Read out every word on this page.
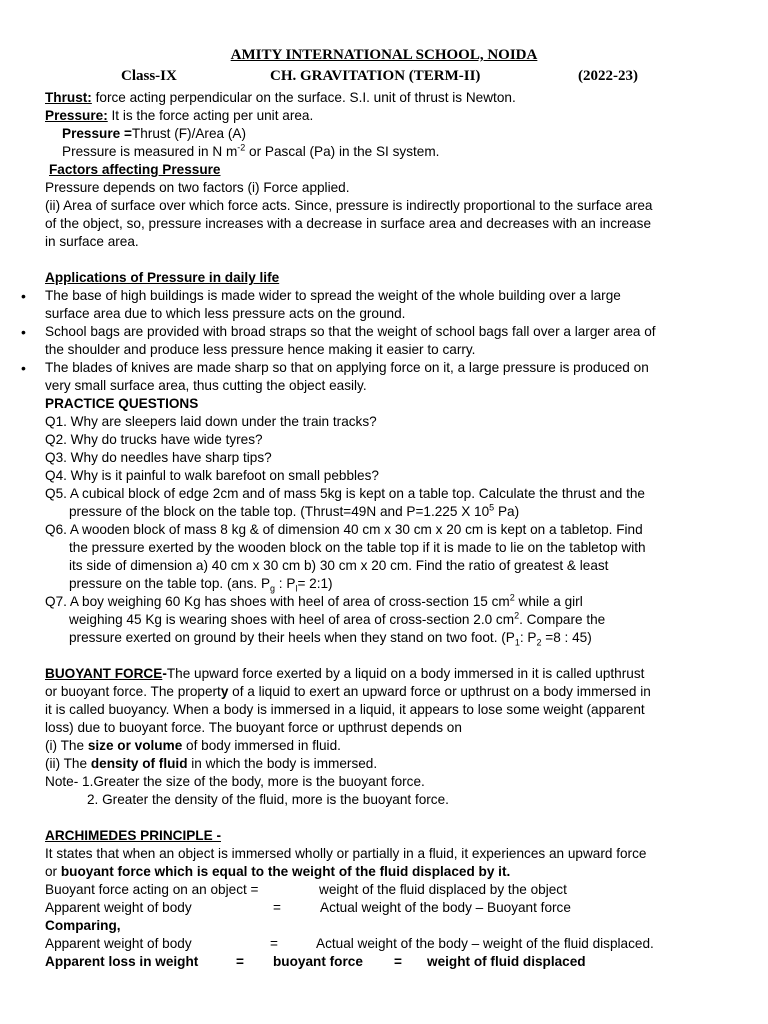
AMITY INTERNATIONAL SCHOOL, NOIDA
Class-IX	CH. GRAVITATION (TERM-II)	(2022-23)
Thrust: force acting perpendicular on the surface. S.I. unit of thrust is Newton.
Pressure: It is the force acting per unit area.
Pressure =Thrust (F)/Area (A)
Pressure is measured in N $m^{-2}$ or Pascal (Pa) in the SI system.
Factors affecting Pressure
Pressure depends on two factors (i) Force applied.
(ii) Area of surface over which force acts. Since, pressure is indirectly proportional to the surface area
of the object, so, pressure increases with a decrease in surface area and decreases with an increase
in surface area.
Applications of Pressure in daily life
• The base of high buildings is made wider to spread the weight of the whole building over a large
surface area due to which less pressure acts on the ground.
• School bags are provided with broad straps so that the weight of school bags fall over a larger area of
the shoulder and produce less pressure hence making it easier to carry.
• The blades of knives are made sharp so that on applying force on it, a large pressure is produced on
very small surface area, thus cutting the object easily.
PRACTICE QUESTIONS
Q1. Why are sleepers laid down under the train tracks?
Q2. Why do trucks have wide tyres?
Q3. Why do needles have sharp tips?
Q4. Why is it painful to walk barefoot on small pebbles?
Q5. A cubical block of edge 2cm and of mass 5kg is kept on a table top. Calculate the thrust and the
pressure of the block on the table top. (Thrust=49N and P=1.225 X $10^5$ Pa)
Q6. A wooden block of mass 8 kg & of dimension 40 cm x 30 cm x 20 cm is kept on a tabletop. Find
the pressure exerted by the wooden block on the table top if it is made to lie on the tabletop with
its side of dimension a) 40 cm x 30 cm b) 30 cm x 20 cm. Find the ratio of greatest & least
pressure on the table top. (ans. $P_g$ : $P_l=$ 2:1)
Q7. A boy weighing 60 Kg has shoes with heel of area of cross-section 15 $cm^2$ while a girl
weighing 45 Kg is wearing shoes with heel of area of cross-section 2.0 $cm^2$. Compare the
pressure exerted on ground by their heels when they stand on two foot. ($P_1$: $P_2 =8$ : 45)
BUOYANT FORCE-The upward force exerted by a liquid on a body immersed in it is called upthrust
or buoyant force. The property of a liquid to exert an upward force or upthrust on a body immersed in
it is called buoyancy. When a body is immersed in a liquid, it appears to lose some weight (apparent
loss) due to buoyant force. The buoyant force or upthrust depends on
(i) The size or volume of body immersed in fluid.
(ii) The density of fluid in which the body is immersed.
Note- 1.Greater the size of the body, more is the buoyant force.
2. Greater the density of the fluid, more is the buoyant force.
ARCHIMEDES PRINCIPLE -
It states that when an object is immersed wholly or partially in a fluid, it experiences an upward force
or buoyant force which is equal to the weight of the fluid displaced by it.
Buoyant force acting on an object =	weight of the fluid displaced by the object
Apparent weight of body	=	Actual weight of the body – Buoyant force
Comparing,
Apparent weight of body	=	Actual weight of the body – weight of the fluid displaced.
Apparent loss in weight	= buoyant force = weight of fluid displaced
